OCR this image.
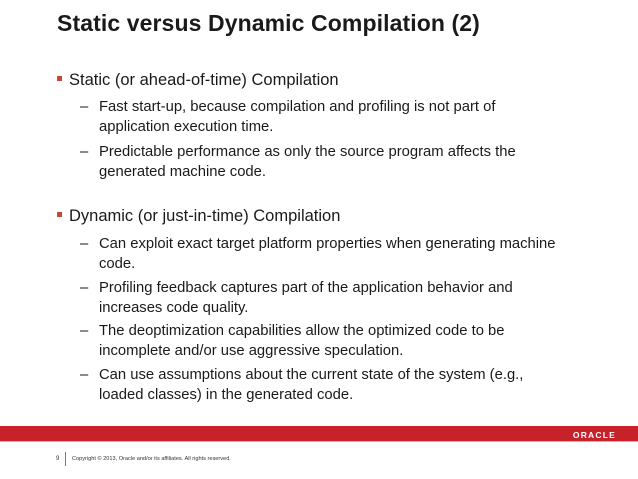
Static versus Dynamic Compilation (2)
Static (or ahead-of-time) Compilation
– Fast start-up, because compilation and profiling is not part of application execution time.
– Predictable performance as only the source program affects the generated machine code.
Dynamic (or just-in-time) Compilation
– Can exploit exact target platform properties when generating machine code.
– Profiling feedback captures part of the application behavior and increases code quality.
– The deoptimization capabilities allow the optimized code to be incomplete and/or use aggressive speculation.
– Can use assumptions about the current state of the system (e.g., loaded classes) in the generated code.
ORACLE
9 Copyright © 2013, Oracle and/or its affiliates. All rights reserved.
